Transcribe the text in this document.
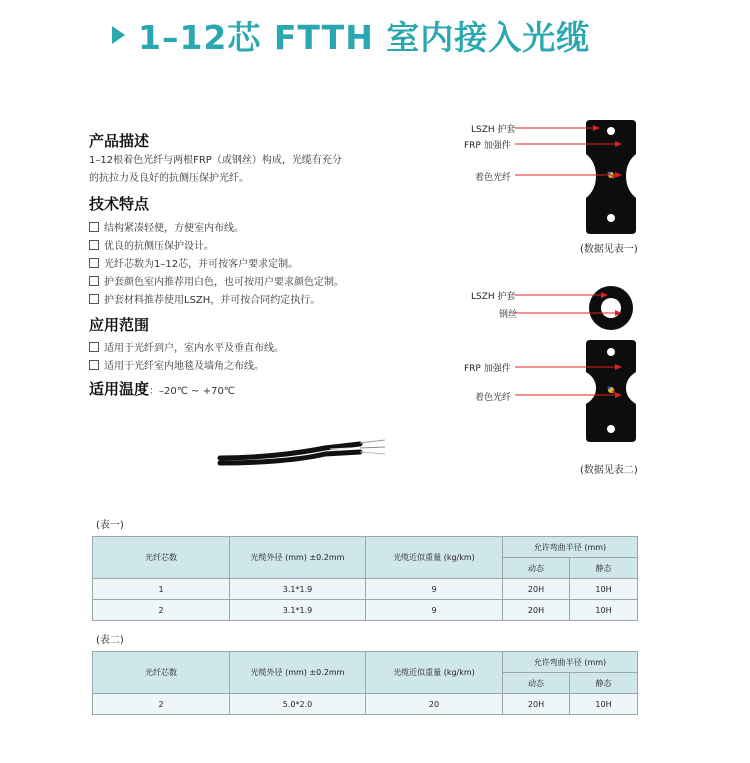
1–12芯 FTTH 室内接入光缆
产品描述
1–12根着色光纤与两根FRP（或钢丝）构成，光缆有充分
的抗拉力及良好的抗侧压保护光纤。
技术特点
结构紧凑轻便，方便室内布线。
优良的抗侧压保护设计。
光纤芯数为1–12芯，并可按客户要求定制。
护套颜色室内推荐用白色，也可按用户要求颜色定制。
护套材料推荐使用LSZH，并可按合同约定执行。
应用范围
适用于光纤到户，室内水平及垂直布线。
适用于光纤室内地毯及墙角之布线。
适用温度：–20℃ ~ +70℃
LSZH 护套
FRP 加强件
着色光纤
(数据见表一)
LSZH 护套
钢丝
FRP 加强件
着色光纤
(数据见表二)
(表一)
光纤芯数	光缆外径 (mm) ±0.2mm	光缆近似重量 (kg/km)	允许弯曲半径 (mm)	
			动态	静态
1	3.1*1.9	9	20H	10H
2	3.1*1.9	9	20H	10H
(表二)
光纤芯数	光缆外径 (mm) ±0.2mm	光缆近似重量 (kg/km)	允许弯曲半径 (mm)	
			动态	静态
2	5.0*2.0	20	20H	10H
